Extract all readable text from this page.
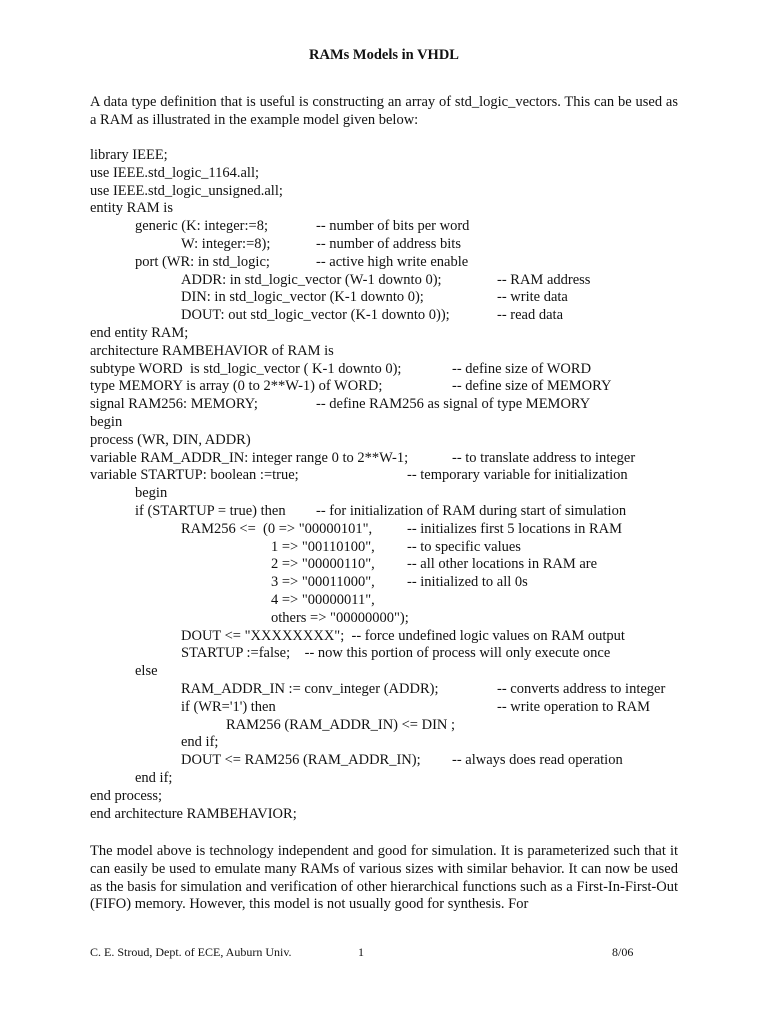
RAMs Models in VHDL

A data type definition that is useful is constructing an array of std_logic_vectors. This can be used as a RAM as illustrated in the example model given below:

library IEEE;
use IEEE.std_logic_1164.all;
use IEEE.std_logic_unsigned.all;
entity RAM is
generic (K: integer:=8;	-- number of bits per word
W: integer:=8);	-- number of address bits
port (WR: in std_logic;	-- active high write enable
ADDR: in std_logic_vector (W-1 downto 0);	-- RAM address
DIN: in std_logic_vector (K-1 downto 0);	-- write data
DOUT: out std_logic_vector (K-1 downto 0));	-- read data
end entity RAM;
architecture RAMBEHAVIOR of RAM is
subtype WORD  is std_logic_vector ( K-1 downto 0);	-- define size of WORD
type MEMORY is array (0 to 2**W-1) of WORD;	-- define size of MEMORY
signal RAM256: MEMORY;	-- define RAM256 as signal of type MEMORY
begin
process (WR, DIN, ADDR)
variable RAM_ADDR_IN: integer range 0 to 2**W-1;	-- to translate address to integer
variable STARTUP: boolean :=true;	-- temporary variable for initialization
begin
if (STARTUP = true) then -- for initialization of RAM during start of simulation
RAM256 <=  (0 => "00000101", -- initializes first 5 locations in RAM
1 => "00110100", -- to specific values
2 => "00000110", -- all other locations in RAM are
3 => "00011000", -- initialized to all 0s
4 => "00000011",
others => "00000000");
DOUT <= "XXXXXXXX";  -- force undefined logic values on RAM output
STARTUP :=false;    -- now this portion of process will only execute once
else
RAM_ADDR_IN := conv_integer (ADDR);	-- converts address to integer
if (WR='1') then	-- write operation to RAM
RAM256 (RAM_ADDR_IN) <= DIN ;
end if;
DOUT <= RAM256 (RAM_ADDR_IN); -- always does read operation
end if;
end process;
end architecture RAMBEHAVIOR;

The model above is technology independent and good for simulation. It is parameterized such that it can easily be used to emulate many RAMs of various sizes with similar behavior. It can now be used as the basis for simulation and verification of other hierarchical functions such as a First-In-First-Out (FIFO) memory. However, this model is not usually good for synthesis. For

C. E. Stroud, Dept. of ECE, Auburn Univ.	1	8/06
